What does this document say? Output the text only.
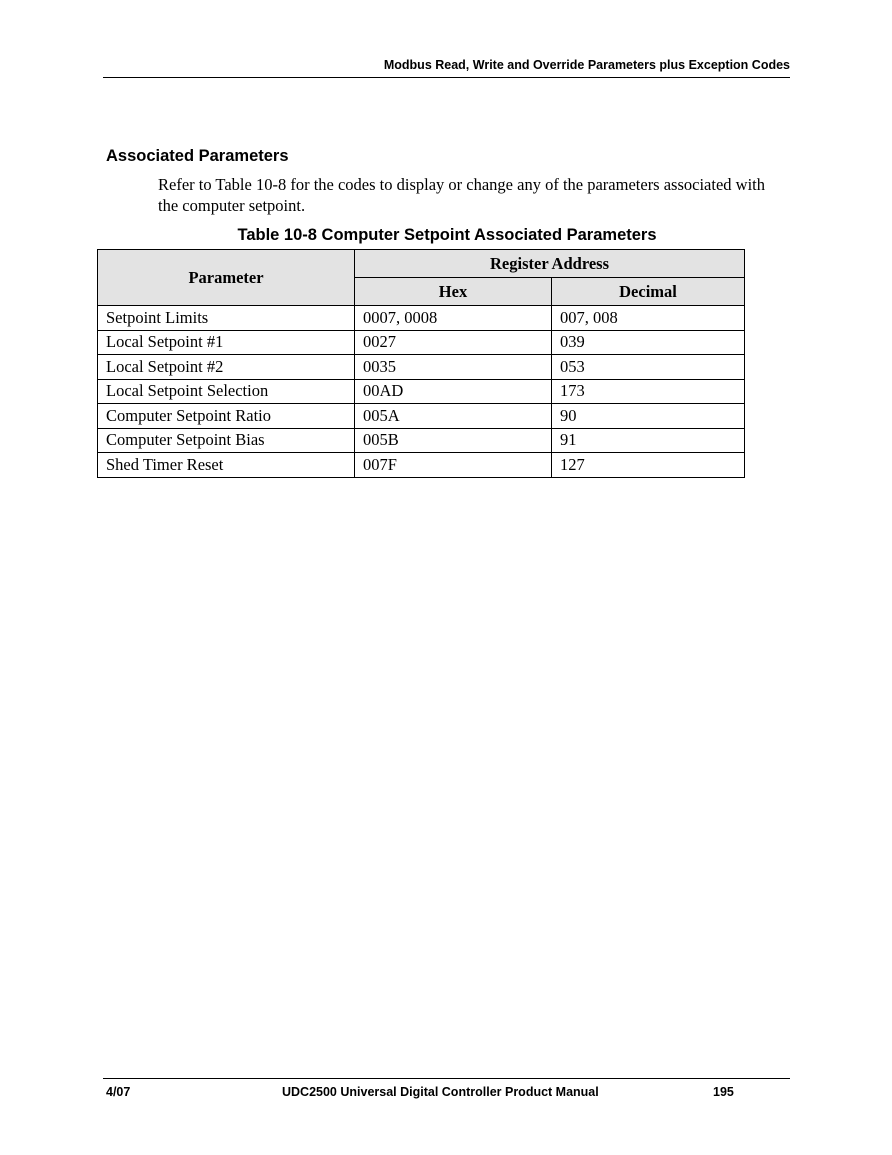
Modbus Read, Write and Override Parameters plus Exception Codes
Associated Parameters

Refer to Table 10-8 for the codes to display or change any of the parameters associated with the computer setpoint.

Table 10-8 Computer Setpoint Associated Parameters
Parameter	Register Address	
	Hex	Decimal
Setpoint Limits	0007, 0008	007, 008
Local Setpoint #1	0027	039
Local Setpoint #2	0035	053
Local Setpoint Selection	00AD	173
Computer Setpoint Ratio	005A	90
Computer Setpoint Bias	005B	91
Shed Timer Reset	007F	127
4/07	UDC2500 Universal Digital Controller Product Manual	195
